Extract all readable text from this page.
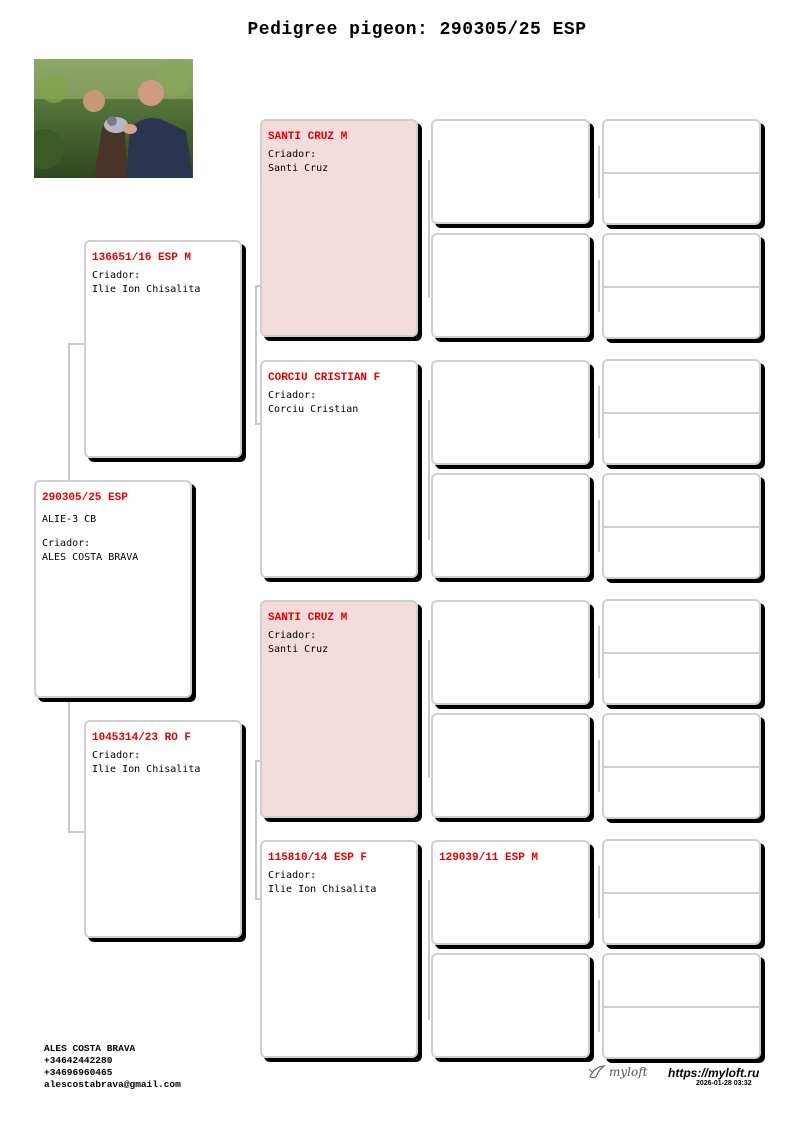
Pedigree pigeon: 290305/25 ESP
290305/25 ESP
ALIE-3 CB
Criador:
ALES COSTA BRAVA
136651/16 ESP M
Criador:
Ilie Ion Chisalita
1045314/23 RO F
Criador:
Ilie Ion Chisalita
SANTI CRUZ M
Criador:
Santi Cruz
CORCIU CRISTIAN F
Criador:
Corciu Cristian
SANTI CRUZ M
Criador:
Santi Cruz
115810/14 ESP F
Criador:
Ilie Ion Chisalita
129039/11 ESP M
ALES COSTA BRAVA
+34642442280
+34696960465
alescostabrava@gmail.com
myloft https://myloft.ru
2026-01-28 03:32
